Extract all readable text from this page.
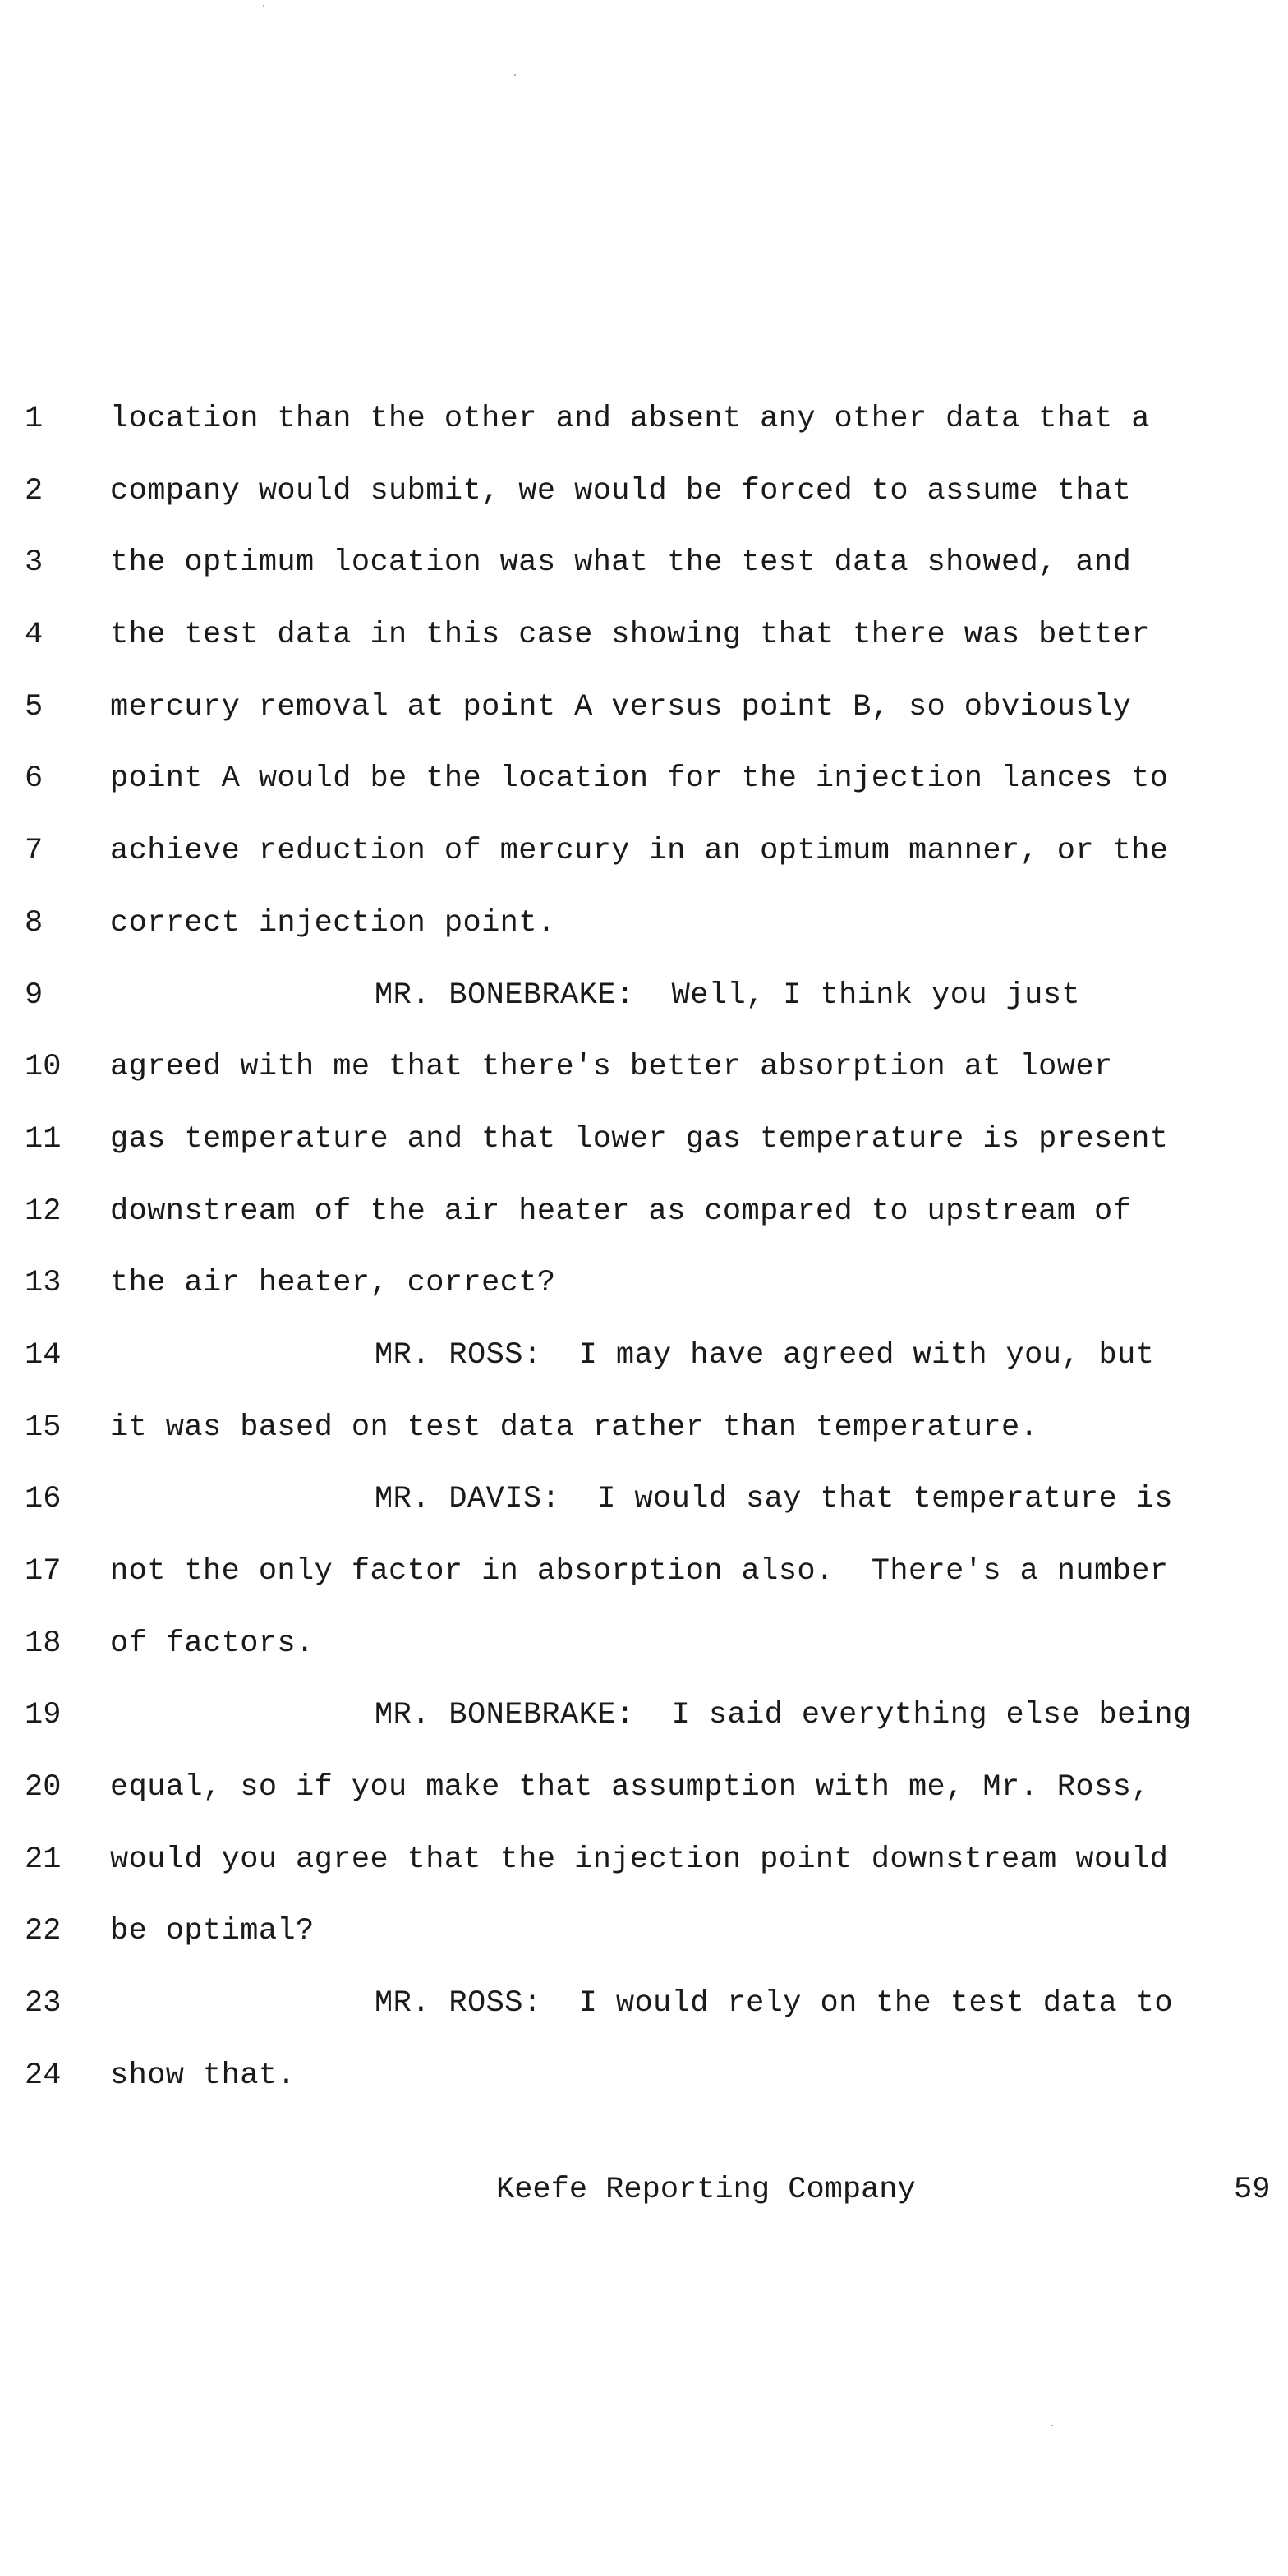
1	location than the other and absent any other data that a
2	company would submit, we would be forced to assume that
3	the optimum location was what the test data showed, and
4	the test data in this case showing that there was better
5	mercury removal at point A versus point B, so obviously
6	point A would be the location for the injection lances to
7	achieve reduction of mercury in an optimum manner, or the
8	correct injection point.
9	MR. BONEBRAKE:  Well, I think you just
10	agreed with me that there's better absorption at lower
11	gas temperature and that lower gas temperature is present
12	downstream of the air heater as compared to upstream of
13	the air heater, correct?
14	MR. ROSS:  I may have agreed with you, but
15	it was based on test data rather than temperature.
16	MR. DAVIS:  I would say that temperature is
17	not the only factor in absorption also.  There's a number
18	of factors.
19	MR. BONEBRAKE:  I said everything else being
20	equal, so if you make that assumption with me, Mr. Ross,
21	would you agree that the injection point downstream would
22	be optimal?
23	MR. ROSS:  I would rely on the test data to
24	show that.
Keefe Reporting Company	59
